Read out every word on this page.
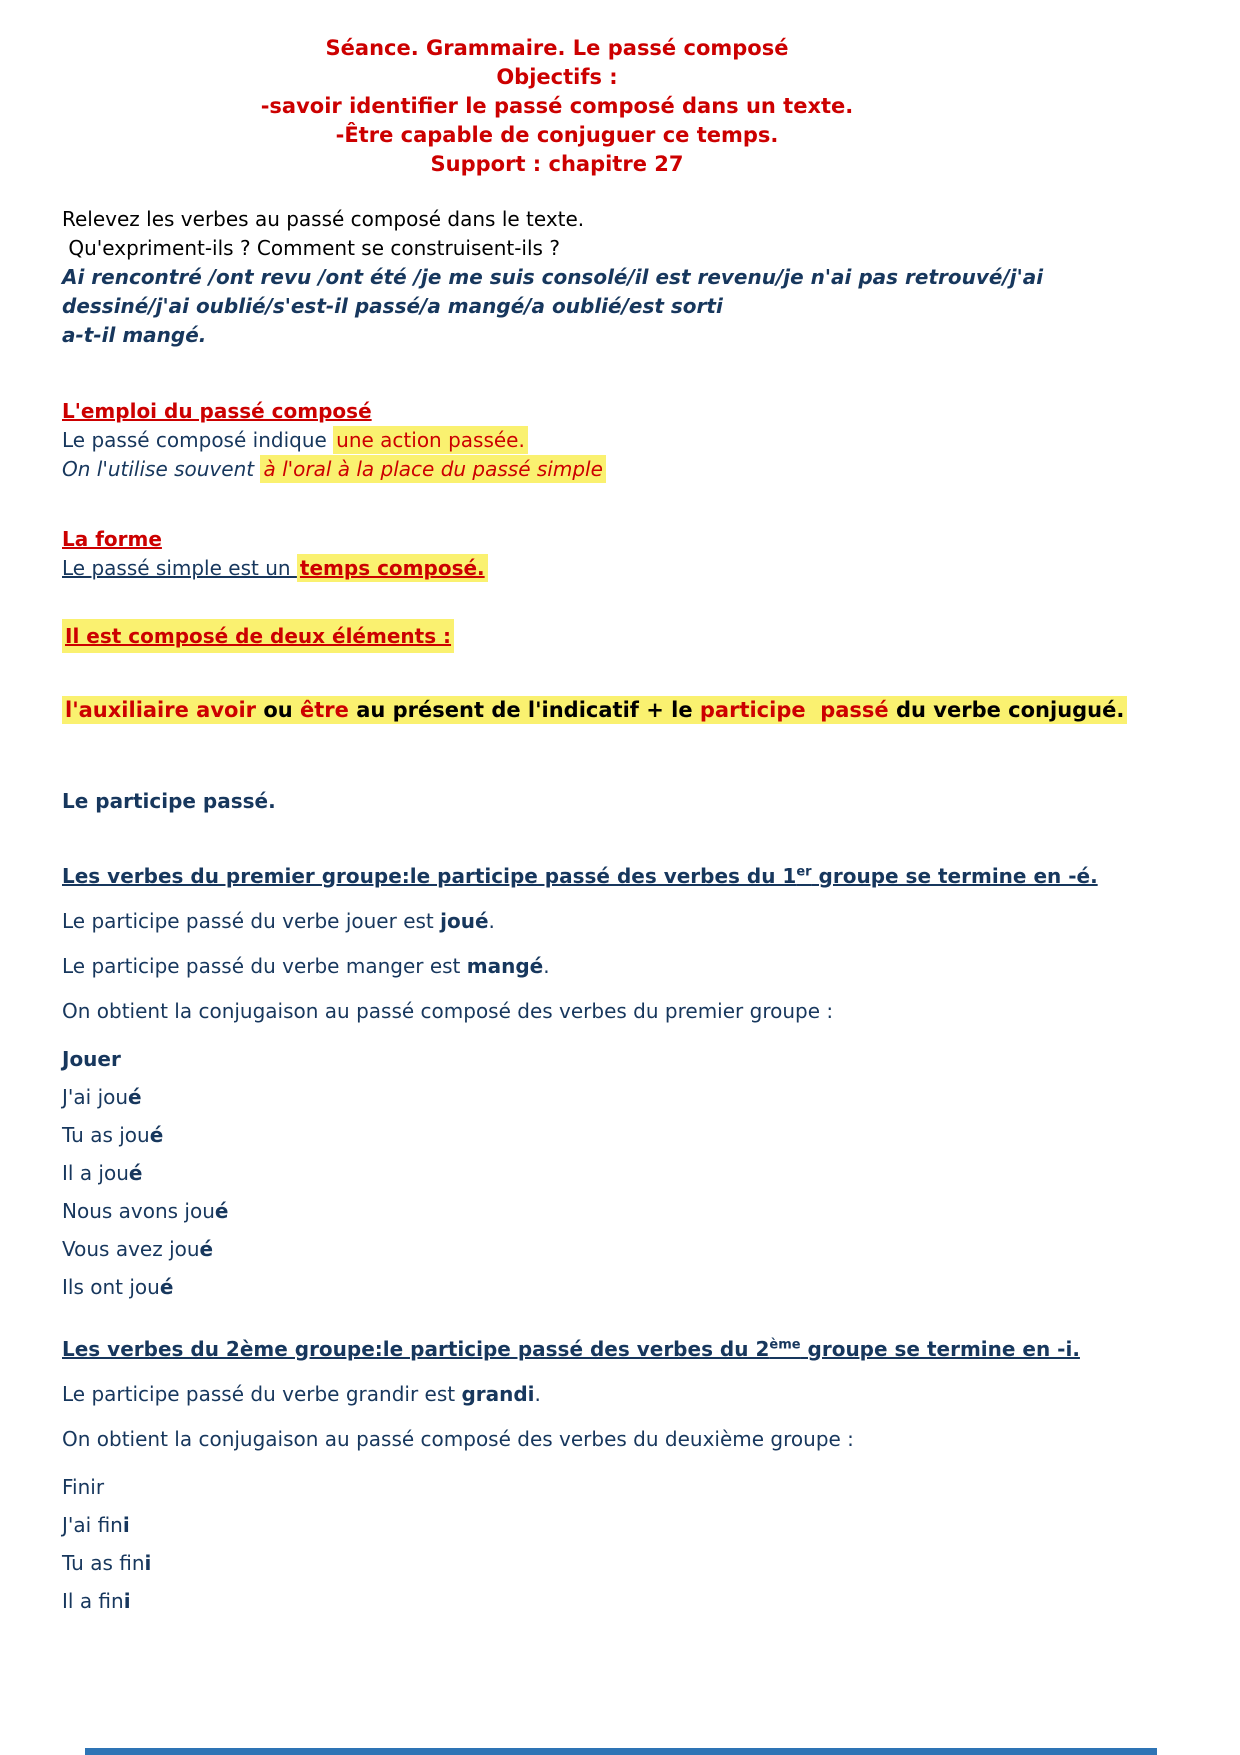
Séance. Grammaire. Le passé composé
Objectifs :
-savoir identifier le passé composé dans un texte.
-Être capable de conjuguer ce temps.
Support : chapitre 27
Relevez les verbes au passé composé dans le texte.
Qu'expriment-ils ? Comment se construisent-ils ?
Ai rencontré /ont revu /ont été /je me suis consolé/il est revenu/je n'ai pas retrouvé/j'ai
dessiné/j'ai oublié/s'est-il passé/a mangé/a oublié/est sorti
a-t-il mangé.
L'emploi du passé composé
Le passé composé indique une action passée.
On l'utilise souvent à l'oral à la place du passé simple
La forme
Le passé simple est un temps composé.
Il est composé de deux éléments :
l'auxiliaire avoir ou être au présent de l'indicatif + le participe  passé du verbe conjugué.
Le participe passé.
Les verbes du premier groupe:le participe passé des verbes du 1er groupe se termine en -é.
Le participe passé du verbe jouer est joué.
Le participe passé du verbe manger est mangé.
On obtient la conjugaison au passé composé des verbes du premier groupe :
Jouer
J'ai joué
Tu as joué
Il a joué
Nous avons joué
Vous avez joué
Ils ont joué
Les verbes du 2ème groupe:le participe passé des verbes du 2ème groupe se termine en -i.
Le participe passé du verbe grandir est grandi.
On obtient la conjugaison au passé composé des verbes du deuxième groupe :
Finir
J'ai fini
Tu as fini
Il a fini
